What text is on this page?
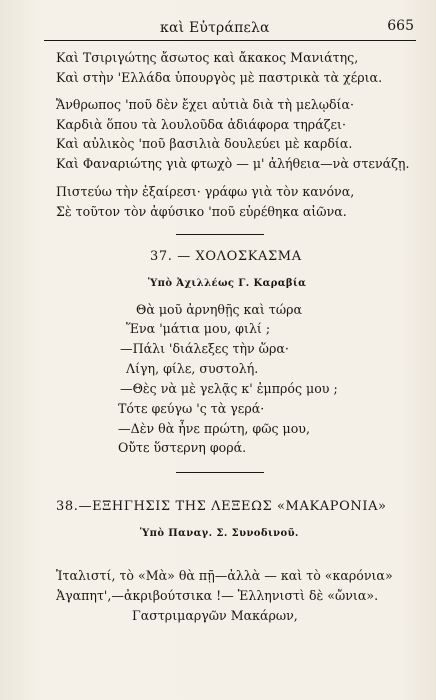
καὶ Εὐτράπελα	665
Καὶ Τσιριγώτης ἄσωτος καὶ ἄκακος Μανιάτης,
Καὶ στὴν 'Ελλάδα ὑπουργὸς μὲ παστρικὰ τὰ χέρια.
Ἄνθρωπος 'ποῦ δὲν ἔχει αὐτιὰ διὰ τὴ μελῳδία·
Καρδιὰ ὅπου τὰ λουλοῦδα ἀδιάφορα τηράζει·
Καὶ αὐλικὸς 'ποῦ βασιλιὰ δουλεύει μὲ καρδία.
Καὶ Φαναριώτης γιὰ φτωχὸ — μ' ἀλήθεια—νὰ στενάζῃ.
Πιστεύω τὴν ἐξαίρεσι· γράφω γιὰ τὸν κανόνα,
Σὲ τοῦτον τὸν ἀφύσικο 'ποῦ εὑρέθηκα αἰῶνα.
37. — ΧΟΛΟΣΚΑΣΜΑ
Ὑπὸ Ἀχιλλέως Γ. Καραβία
Θὰ μοῦ ἀρνηθῇς καὶ τώρα
Ἕνα 'μάτια μου, φιλί ;
—Πάλι 'διάλεξες τὴν ὥρα·
Λίγη, φίλε, συστολή.
—Θὲς νὰ μὲ γελᾷς κ' ἐμπρός μου ;
Τότε φεύγω 'ς τὰ γερά·
—Δὲν θὰ ἦνε πρώτη, φῶς μου,
Οὔτε ὕστερνη φορά.
38.—ΕΞΗΓΗΣΙΣ ΤΗΣ ΛΕΞΕΩΣ «ΜΑΚΑΡΟΝΙΑ»
Ὑπὸ Παναγ. Σ. Συνοδινοῦ.
Ἰταλιστί, τὸ «Μὰ» θὰ πῇ—ἀλλὰ — καὶ τὸ «καρόνια»
Ἀγαπητ',—ἀκριβούτσικα !— Ἑλληνιστὶ δὲ «ὤνια».
Γαστριμαργῶν Μακάρων,
